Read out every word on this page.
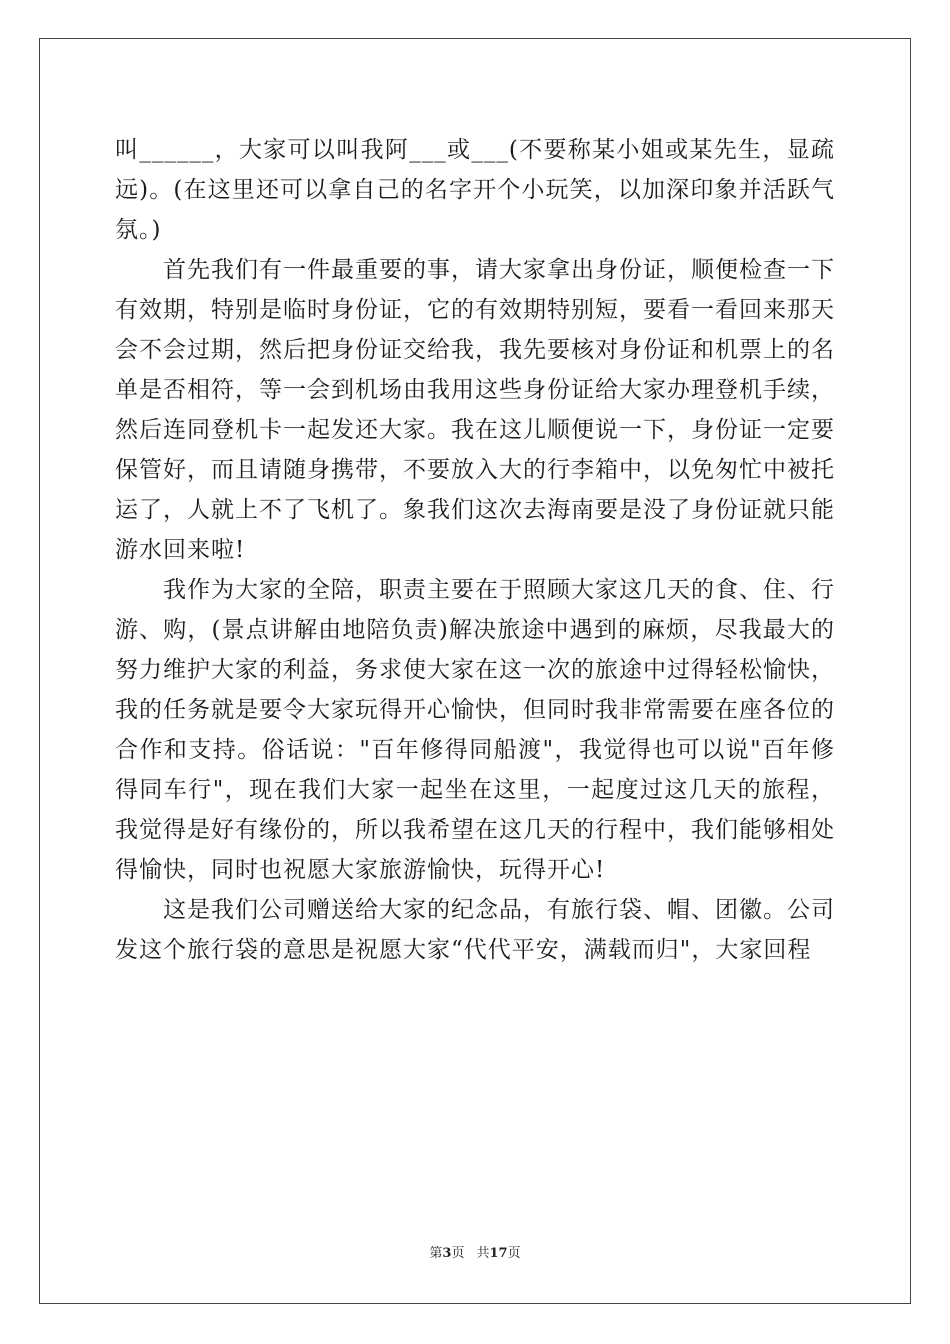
叫______，大家可以叫我阿___或___(不要称某小姐或某先生，显疏远)。(在这里还可以拿自己的名字开个小玩笑，以加深印象并活跃气氛。)

首先我们有一件最重要的事，请大家拿出身份证，顺便检查一下有效期，特别是临时身份证，它的有效期特别短，要看一看回来那天会不会过期，然后把身份证交给我，我先要核对身份证和机票上的名单是否相符，等一会到机场由我用这些身份证给大家办理登机手续，然后连同登机卡一起发还大家。我在这儿顺便说一下，身份证一定要保管好，而且请随身携带，不要放入大的行李箱中，以免匆忙中被托运了，人就上不了飞机了。象我们这次去海南要是没了身份证就只能游水回来啦!

我作为大家的全陪，职责主要在于照顾大家这几天的食、住、行游、购，(景点讲解由地陪负责)解决旅途中遇到的麻烦，尽我最大的努力维护大家的利益，务求使大家在这一次的旅途中过得轻松愉快，我的任务就是要令大家玩得开心愉快，但同时我非常需要在座各位的合作和支持。俗话说："百年修得同船渡"，我觉得也可以说"百年修得同车行"，现在我们大家一起坐在这里，一起度过这几天的旅程，我觉得是好有缘份的，所以我希望在这几天的行程中，我们能够相处得愉快，同时也祝愿大家旅游愉快，玩得开心!

这是我们公司赠送给大家的纪念品，有旅行袋、帽、团徽。公司发这个旅行袋的意思是祝愿大家“代代平安，满载而归"，大家回程

第3页 共17页
